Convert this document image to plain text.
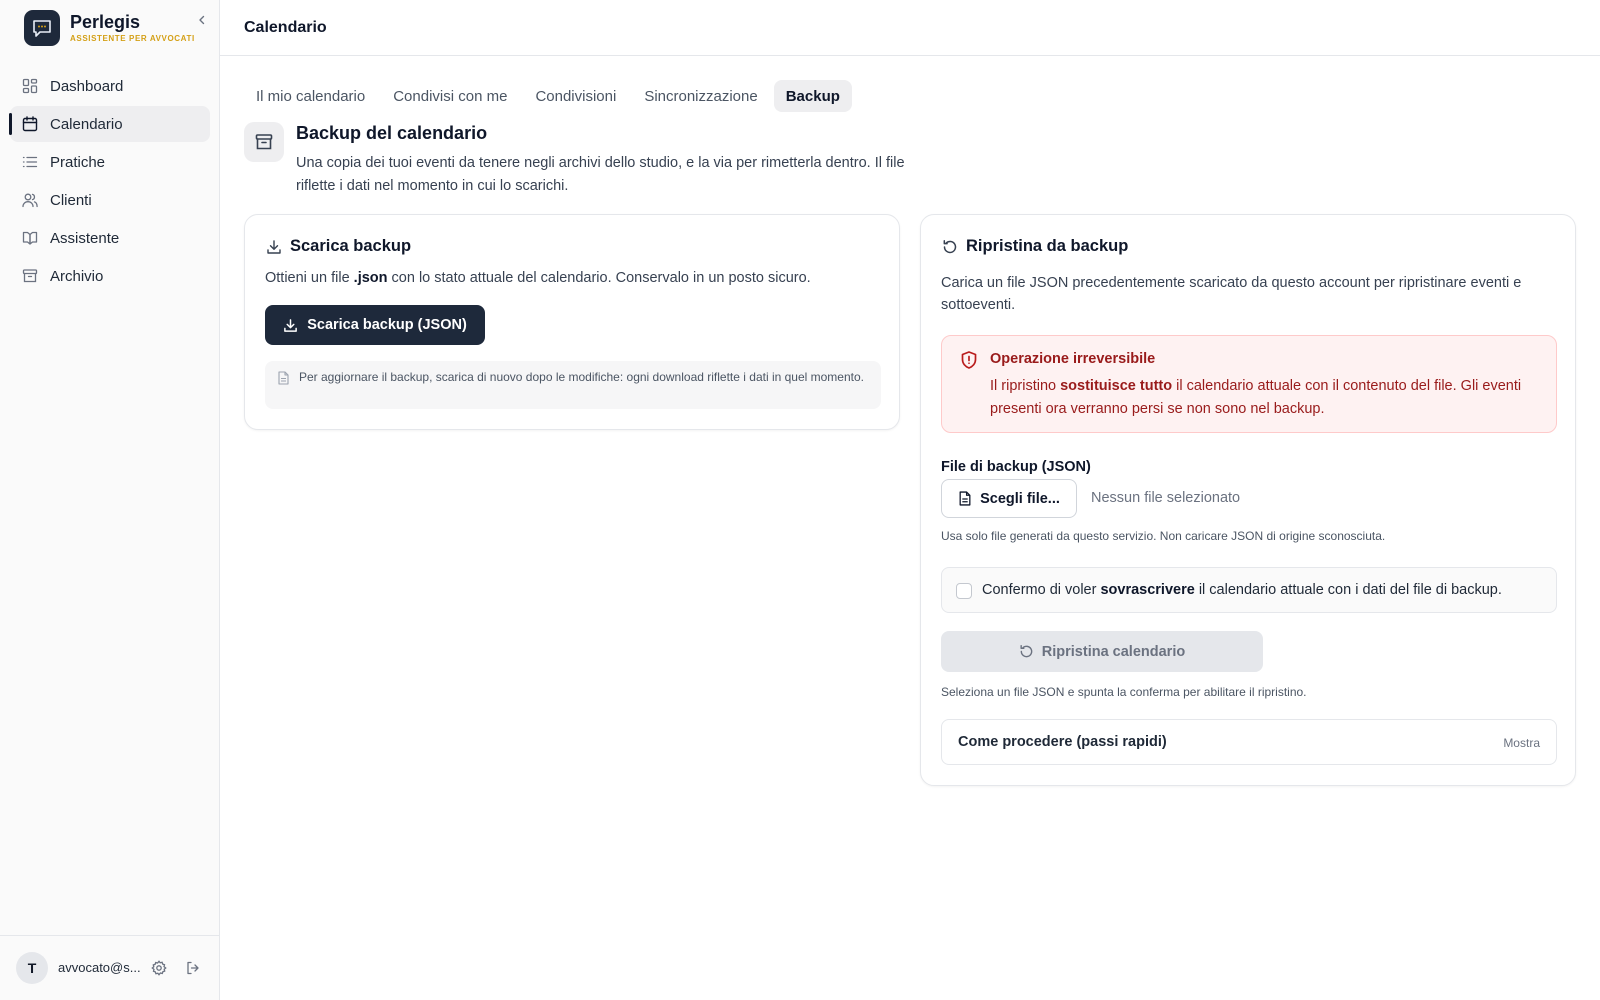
Perlegis
ASSISTENTE PER AVVOCATI
Dashboard
Calendario
Pratiche
Clienti
Assistente
Archivio
T	avvocato@s...
Calendario
Il mio calendario	Condivisi con me	Condivisioni	Sincronizzazione	Backup
Backup del calendario
Una copia dei tuoi eventi da tenere negli archivi dello studio, e la via per rimetterla dentro. Il file riflette i dati nel momento in cui lo scarichi.
Scarica backup
Ottieni un file .json con lo stato attuale del calendario. Conservalo in un posto sicuro.
Scarica backup (JSON)
Per aggiornare il backup, scarica di nuovo dopo le modifiche: ogni download riflette i dati in quel momento.
Ripristina da backup
Carica un file JSON precedentemente scaricato da questo account per ripristinare eventi e sottoeventi.
Operazione irreversibile
Il ripristino sostituisce tutto il calendario attuale con il contenuto del file. Gli eventi presenti ora verranno persi se non sono nel backup.
File di backup (JSON)
Scegli file... Nessun file selezionato
Usa solo file generati da questo servizio. Non caricare JSON di origine sconosciuta.
Confermo di voler sovrascrivere il calendario attuale con i dati del file di backup.
Ripristina calendario
Seleziona un file JSON e spunta la conferma per abilitare il ripristino.
Come procedere (passi rapidi)	Mostra
